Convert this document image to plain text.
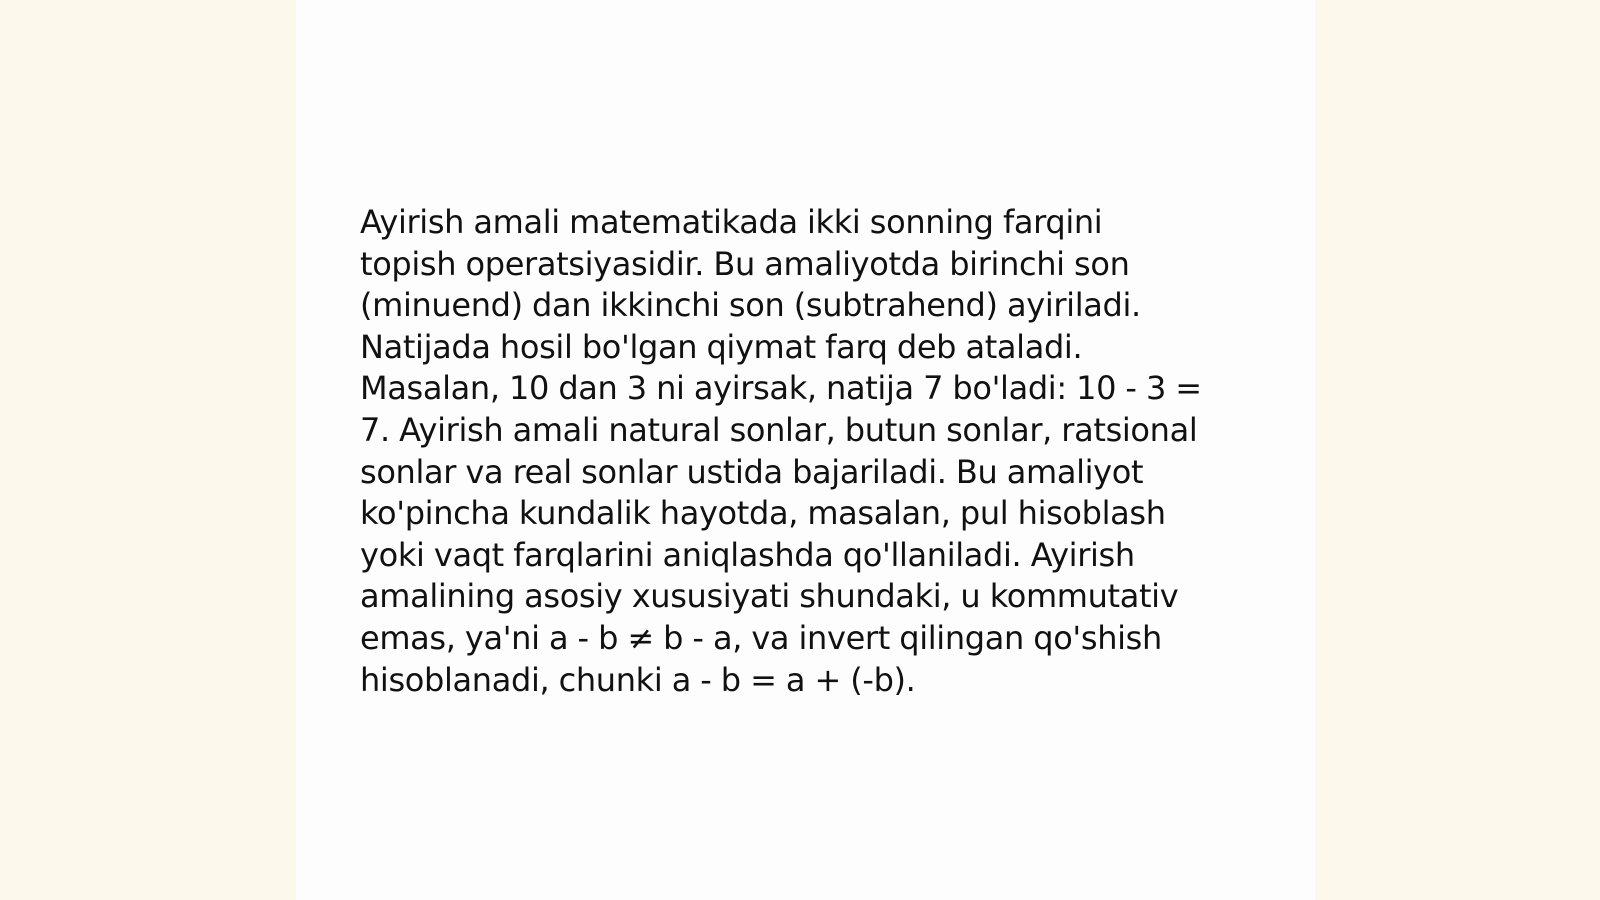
Ayirish amali matematikada ikki sonning farqini
topish operatsiyasidir. Bu amaliyotda birinchi son
(minuend) dan ikkinchi son (subtrahend) ayiriladi.
Natijada hosil bo'lgan qiymat farq deb ataladi.
Masalan, 10 dan 3 ni ayirsak, natija 7 bo'ladi: 10 - 3 =
7. Ayirish amali natural sonlar, butun sonlar, ratsional
sonlar va real sonlar ustida bajariladi. Bu amaliyot
ko'pincha kundalik hayotda, masalan, pul hisoblash
yoki vaqt farqlarini aniqlashda qo'llaniladi. Ayirish
amalining asosiy xususiyati shundaki, u kommutativ
emas, ya'ni a - b ≠ b - a, va invert qilingan qo'shish
hisoblanadi, chunki a - b = a + (-b).
